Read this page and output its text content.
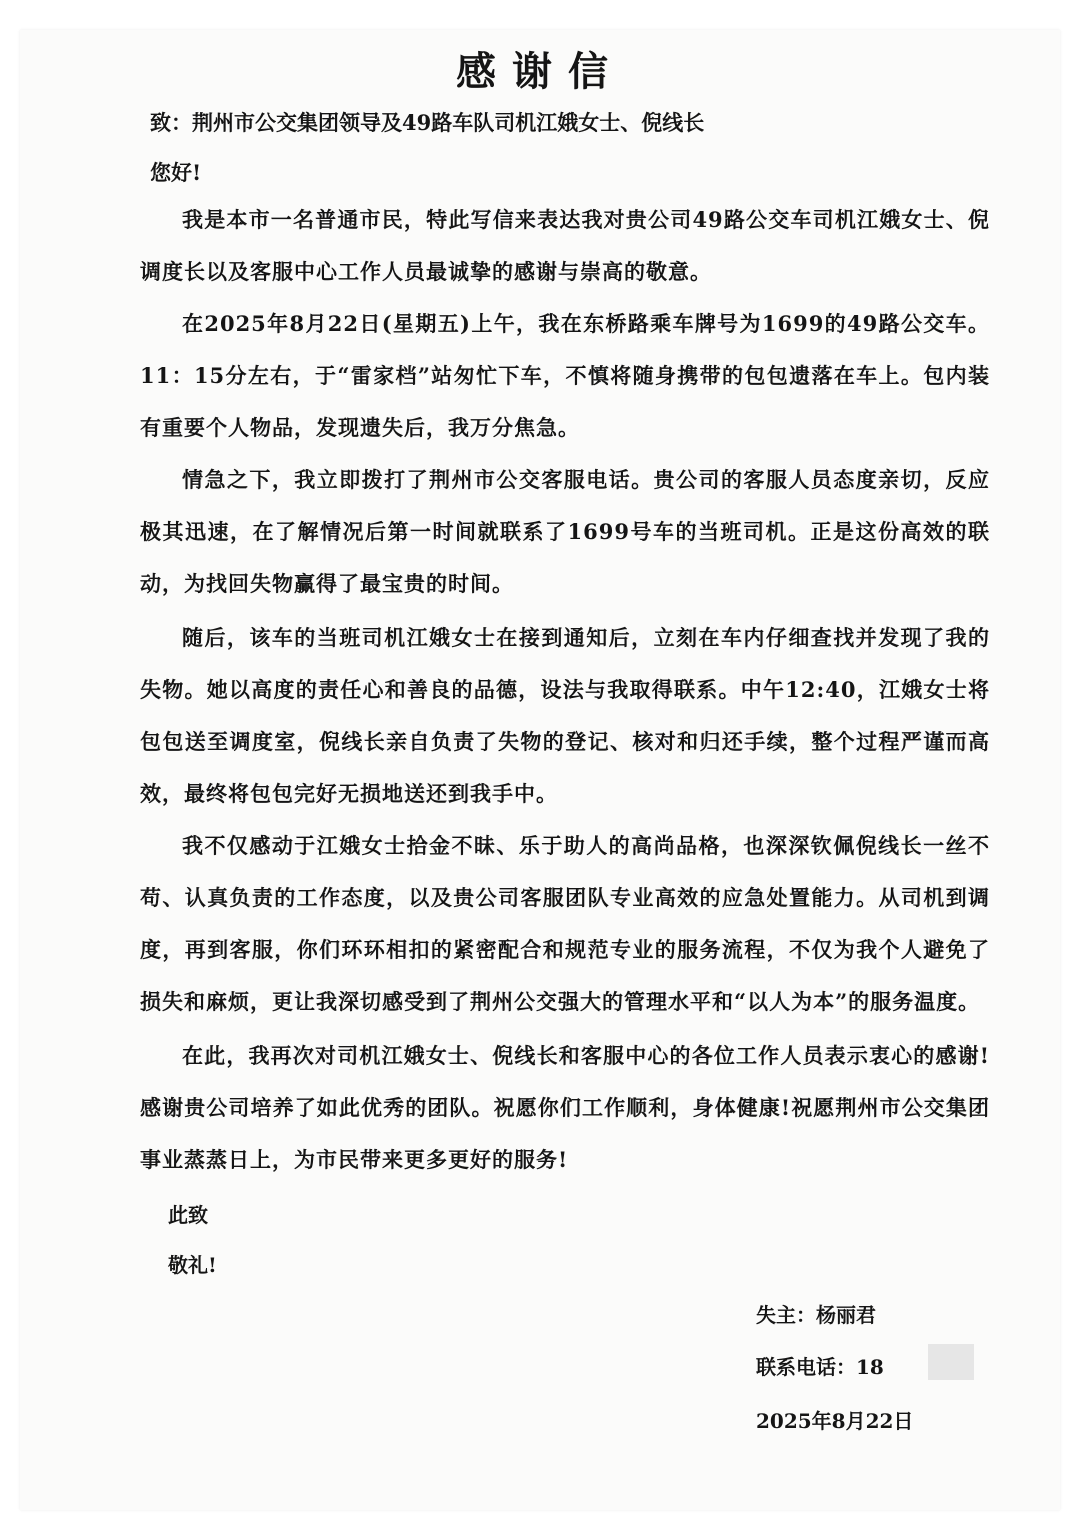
感谢信
致：荆州市公交集团领导及49路车队司机江娥女士、倪线长
您好!

我是本市一名普通市民，特此写信来表达我对贵公司49路公交车司机江娥女士、倪调度长以及客服中心工作人员最诚挚的感谢与崇高的敬意。

在2025年8月22日(星期五)上午，我在东桥路乘车牌号为1699的49路公交车。11：15分左右，于“雷家档”站匆忙下车，不慎将随身携带的包包遗落在车上。包内装有重要个人物品，发现遗失后，我万分焦急。

情急之下，我立即拨打了荆州市公交客服电话。贵公司的客服人员态度亲切，反应极其迅速，在了解情况后第一时间就联系了1699号车的当班司机。正是这份高效的联动，为找回失物赢得了最宝贵的时间。

随后，该车的当班司机江娥女士在接到通知后，立刻在车内仔细查找并发现了我的失物。她以高度的责任心和善良的品德，设法与我取得联系。中午12:40，江娥女士将包包送至调度室，倪线长亲自负责了失物的登记、核对和归还手续，整个过程严谨而高效，最终将包包完好无损地送还到我手中。

我不仅感动于江娥女士拾金不昧、乐于助人的高尚品格，也深深钦佩倪线长一丝不苟、认真负责的工作态度，以及贵公司客服团队专业高效的应急处置能力。从司机到调度，再到客服，你们环环相扣的紧密配合和规范专业的服务流程，不仅为我个人避免了损失和麻烦，更让我深切感受到了荆州公交强大的管理水平和“以人为本”的服务温度。

在此，我再次对司机江娥女士、倪线长和客服中心的各位工作人员表示衷心的感谢!感谢贵公司培养了如此优秀的团队。祝愿你们工作顺利，身体健康!祝愿荆州市公交集团事业蒸蒸日上，为市民带来更多更好的服务!

此致
敬礼!
失主：杨丽君
联系电话：18
2025年8月22日
